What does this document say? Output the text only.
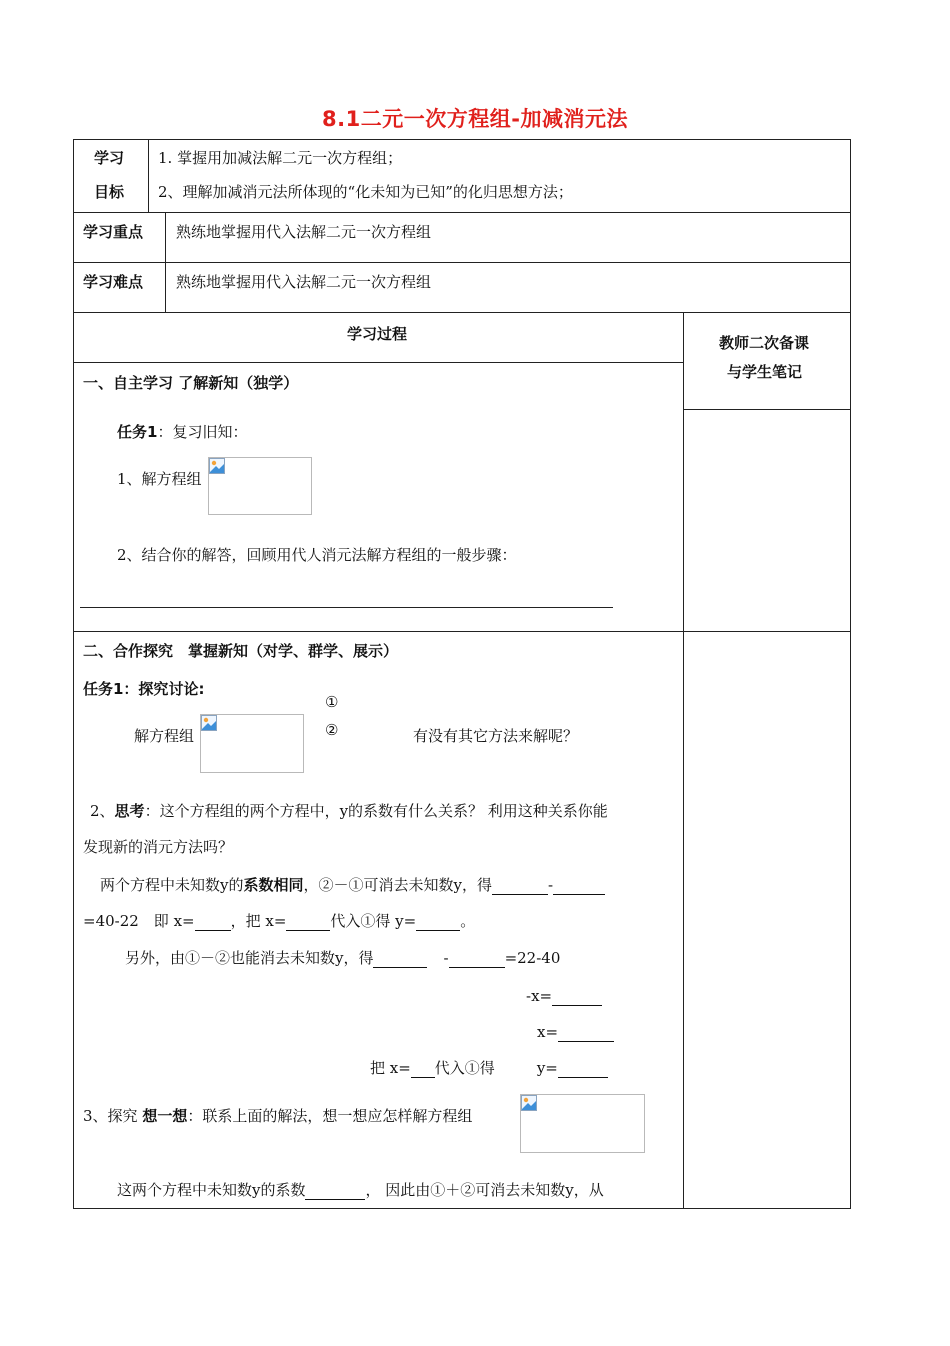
8.1二元一次方程组-加减消元法
学习
目标
1. 掌握用加减法解二元一次方程组；
2、理解加减消元法所体现的“化未知为已知”的化归思想方法；
学习重点 熟练地掌握用代入法解二元一次方程组
学习难点 熟练地掌握用代入法解二元一次方程组
学习过程	教师二次备课
与学生笔记
一、自主学习 了解新知（独学）
任务1：复习旧知：
1、解方程组
2、结合你的解答，回顾用代人消元法解方程组的一般步骤：
二、合作探究　掌握新知（对学、群学、展示）
任务1：探究讨论:
①
②
解方程组	有没有其它方法来解呢？
2、思考：这个方程组的两个方程中，y的系数有什么关系？ 利用这种关系你能
发现新的消元方法吗？
两个方程中未知数y的系数相同，②－①可消去未知数y，得	-
=40-22　即 x= ，把 x=	代入①得 y=	。
另外，由①－②也能消去未知数y，得	-	=22-40
-x=
x=
把 x= 代入①得	y=
3、探究 想一想：联系上面的解法，想一想应怎样解方程组
这两个方程中未知数y的系数	， 因此由①＋②可消去未知数y，从
